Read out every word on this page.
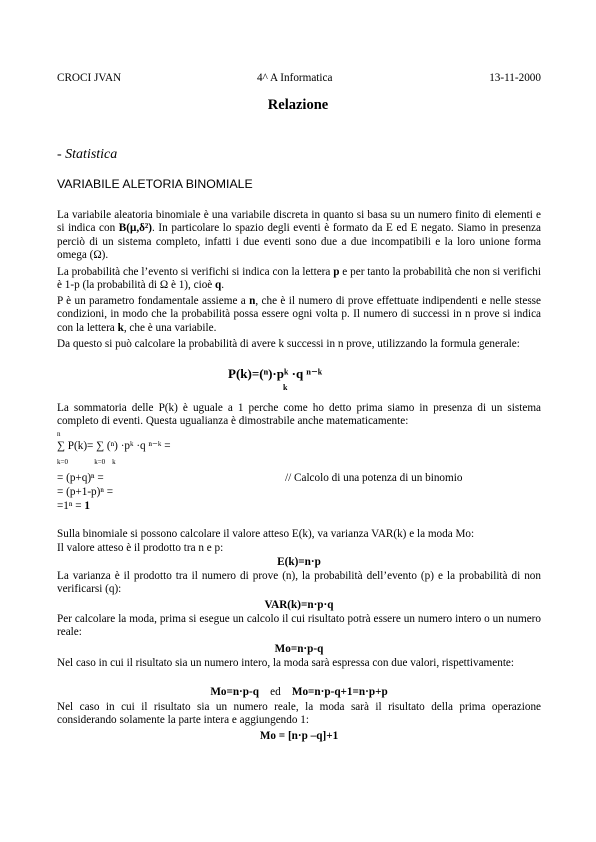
CROCI JVAN	4^ A Informatica	13-11-2000
Relazione
- Statistica
VARIABILE ALETORIA BINOMIALE
La variabile aleatoria binomiale è una variabile discreta in quanto si basa su un numero finito di elementi e si indica con B(μ,δ²). In particolare lo spazio degli eventi è formato da E ed E negato. Siamo in presenza perciò di un sistema completo, infatti i due eventi sono due a due incompatibili e la loro unione forma omega (Ω).
La probabilità che l’evento si verifichi si indica con la lettera p e per tanto la probabilità che non si verifichi è 1-p (la probabilità di Ω è 1), cioè q.
P è un parametro fondamentale assieme a n, che è il numero di prove effettuate indipendenti e nelle stesse condizioni, in modo che la probabilità possa essere ogni volta p. Il numero di successi in n prove si indica con la lettera k, che è una variabile.
Da questo si può calcolare la probabilità di avere k successi in n prove, utilizzando la formula generale:
P(k)=(ⁿ)·pᵏ ·q ⁿ⁻ᵏ
k
La sommatoria delle P(k) è uguale a 1 perche come ho detto prima siamo in presenza di un sistema completo di eventi. Questa ugualianza è dimostrabile anche matematicamente:
n
∑ P(k)= ∑ (ⁿ) ·pᵏ ·q ⁿ⁻ᵏ =
k=0               k=0    k
= (p+q)ⁿ =	// Calcolo di una potenza di un binomio
= (p+1-p)ⁿ =
=1ⁿ = 1
Sulla binomiale si possono calcolare il valore atteso E(k), va varianza VAR(k) e la moda Mo:
Il valore atteso è il prodotto tra n e p:
E(k)=n·p
La varianza è il prodotto tra il numero di prove (n), la probabilità dell’evento (p) e la probabilità di non verificarsi (q):
VAR(k)=n·p·q
Per calcolare la moda, prima si esegue un calcolo il cui risultato potrà essere un numero intero o un numero reale:
Mo=n·p-q
Nel caso in cui il risultato sia un numero intero, la moda sarà espressa con due valori, rispettivamente:
Mo=n·p-q ed Mo=n·p-q+1=n·p+p
Nel caso in cui il risultato sia un numero reale, la moda sarà il risultato della prima operazione considerando solamente la parte intera e aggiungendo 1:
Mo = [n·p –q]+1
